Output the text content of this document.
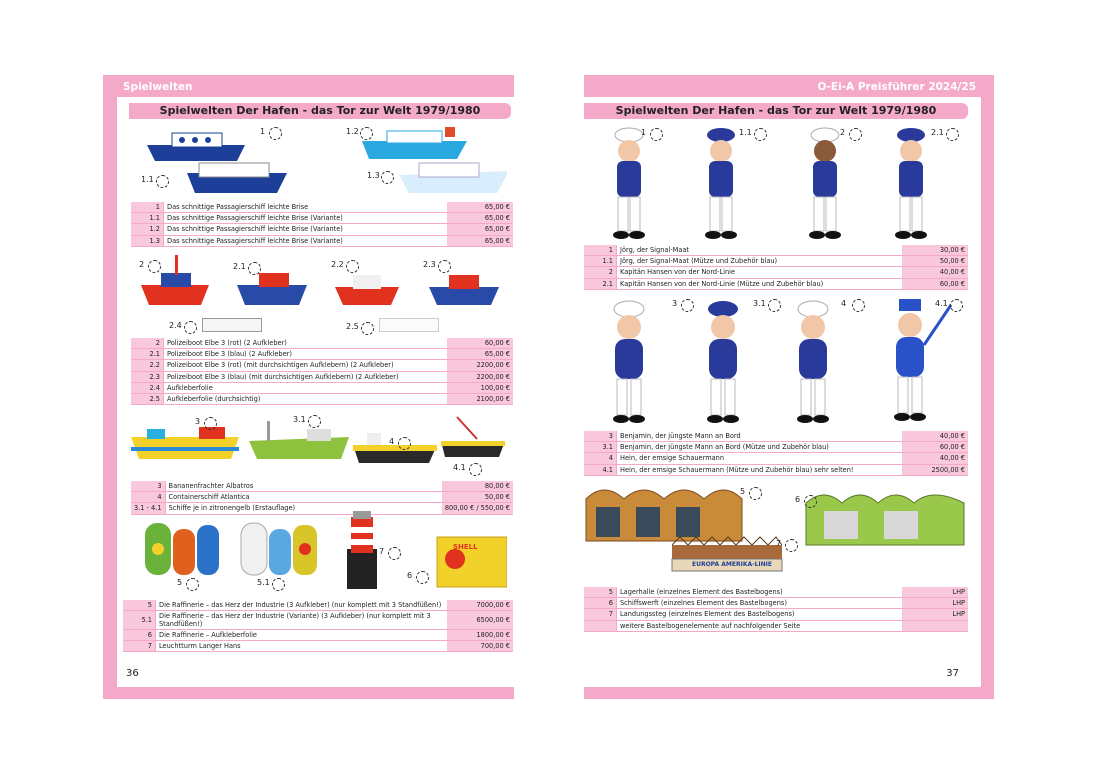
Spielwelten	O-Ei-A Preisführer 2024/25
Spielwelten Der Hafen - das Tor zur Welt 1979/1980
1	1.2
1.1	1.3
1	Das schnittige Passagierschiff leichte Brise	65,00 €
1.1	Das schnittige Passagierschiff leichte Brise (Variante)	65,00 €
1.2	Das schnittige Passagierschiff leichte Brise (Variante)	65,00 €
1.3	Das schnittige Passagierschiff leichte Brise (Variante)	65,00 €
2	2.1	2.2	2.3
2.4	2.5
2	Polizeiboot Elbe 3 (rot) (2 Aufkleber)	60,00 €
2.1	Polizeiboot Elbe 3 (blau) (2 Aufkleber)	65,00 €
2.2	Polizeiboot Elbe 3 (rot) (mit durchsichtigen Aufklebern) (2 Aufkleber)	2200,00 €
2.3	Polizeiboot Elbe 3 (blau) (mit durchsichtigen Aufklebern) (2 Aufkleber)	2200,00 €
2.4	Aufkleberfolie	100,00 €
2.5	Aufkleberfolie (durchsichtig)	2100,00 €
3	3.1
4
4.1
3	Bananenfrachter Albatros	80,00 €
4	Containerschiff Atlantica	50,00 €
3.1 - 4.1	Schiffe je in zitronengelb (Erstauflage)	800,00 € / 550,00 €
SHELL
5	5.1
7
6
5	Die Raffinerie – das Herz der Industrie (3 Aufkleber) (nur komplett mit 3 Standfüßen!)	7000,00 €
5.1	Die Raffinerie – das Herz der Industrie (Variante) (3 Aufkleber) (nur komplett mit 3 Standfüßen!)	6500,00 €
6	Die Raffinerie – Aufkleberfolie	1800,00 €
7	Leuchtturm Langer Hans	700,00 €
36
Spielwelten Der Hafen - das Tor zur Welt 1979/1980
1	1.1	2	2.1
1	Jörg, der Signal-Maat	30,00 €
1.1	Jörg, der Signal-Maat (Mütze und Zubehör blau)	50,00 €
2	Kapitän Hansen von der Nord-Linie	40,00 €
2.1	Kapitän Hansen von der Nord-Linie (Mütze und Zubehör blau)	60,00 €
3	3.1	4	4.1
3	Benjamin, der jüngste Mann an Bord	40,00 €
3.1	Benjamin, der jüngste Mann an Bord (Mütze und Zubehör blau)	60,00 €
4	Hein, der emsige Schauermann	40,00 €
4.1	Hein, der emsige Schauermann (Mütze und Zubehör blau) sehr selten!	2500,00 €
EUROPA AMERIKA-LINIE
5
6
7
5	Lagerhalle (einzelnes Element des Bastelbogens)	LHP
6	Schiffswerft (einzelnes Element des Bastelbogens)	LHP
7	Landungssteg (einzelnes Element des Bastelbogens)	LHP
	weitere Bastelbogenelemente auf nachfolgender Seite	
37
